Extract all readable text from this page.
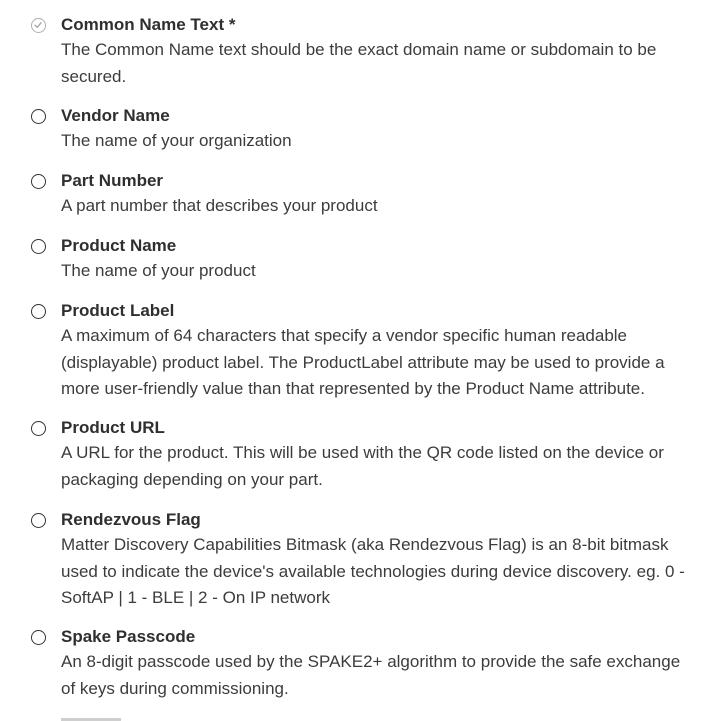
Common Name Text *
The Common Name text should be the exact domain name or subdomain to be secured.
Vendor Name
The name of your organization
Part Number
A part number that describes your product
Product Name
The name of your product
Product Label
A maximum of 64 characters that specify a vendor specific human readable (displayable) product label. The ProductLabel attribute may be used to provide a more user-friendly value than that represented by the Product Name attribute.
Product URL
A URL for the product. This will be used with the QR code listed on the device or packaging depending on your part.
Rendezvous Flag
Matter Discovery Capabilities Bitmask (aka Rendezvous Flag) is an 8-bit bitmask used to indicate the device's available technologies during device discovery. eg. 0 - SoftAP | 1 - BLE | 2 - On IP network
Spake Passcode
An 8-digit passcode used by the SPAKE2+ algorithm to provide the safe exchange of keys during commissioning.
